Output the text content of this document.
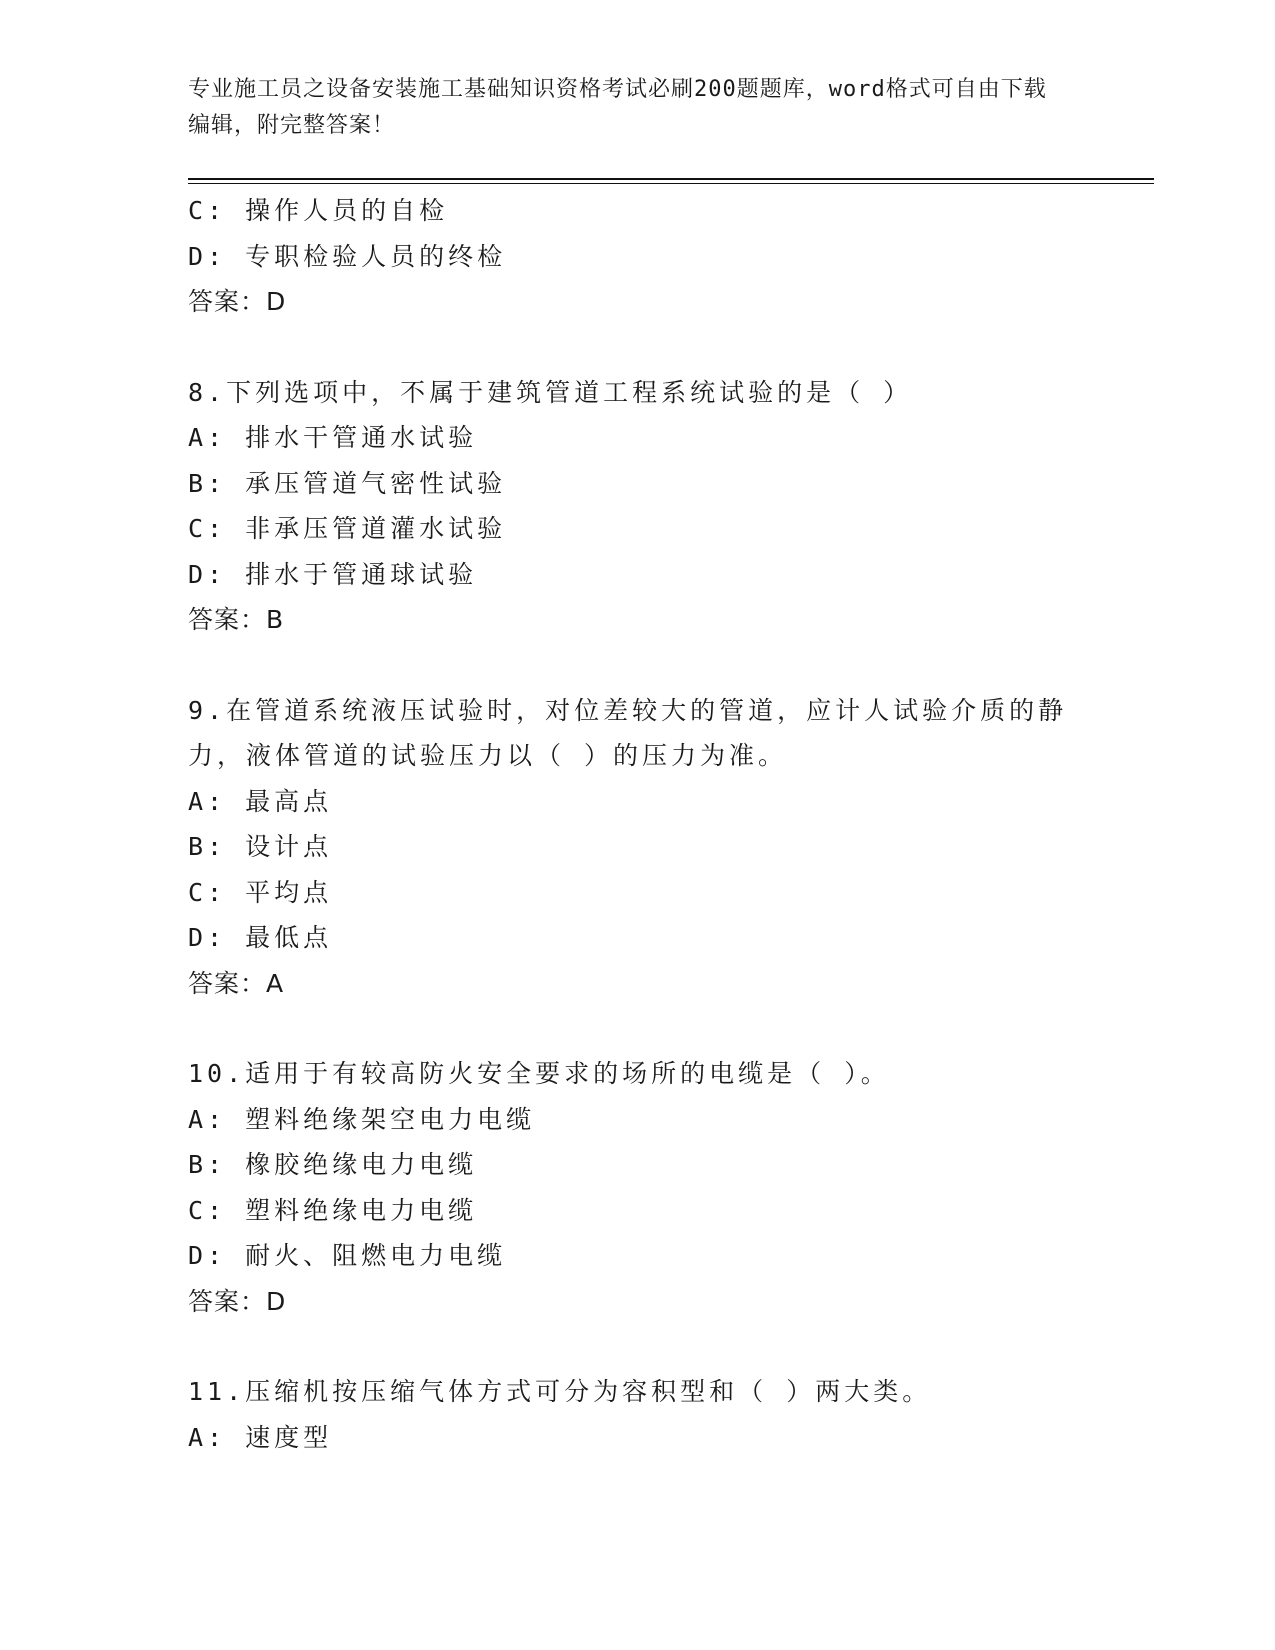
专业施工员之设备安装施工基础知识资格考试必刷200题题库，word格式可自由下载编辑，附完整答案！
C: 操作人员的自检
D: 专职检验人员的终检
答案：D
8.下列选项中，不属于建筑管道工程系统试验的是（ ）
A: 排水干管通水试验
B: 承压管道气密性试验
C: 非承压管道灌水试验
D: 排水于管通球试验
答案：B
9.在管道系统液压试验时，对位差较大的管道，应计人试验介质的静力，液体管道的试验压力以（ ）的压力为准。
A: 最高点
B: 设计点
C: 平均点
D: 最低点
答案：A
10.适用于有较高防火安全要求的场所的电缆是（ ）。
A: 塑料绝缘架空电力电缆
B: 橡胶绝缘电力电缆
C: 塑料绝缘电力电缆
D: 耐火、阻燃电力电缆
答案：D
11.压缩机按压缩气体方式可分为容积型和（ ）两大类。
A: 速度型
